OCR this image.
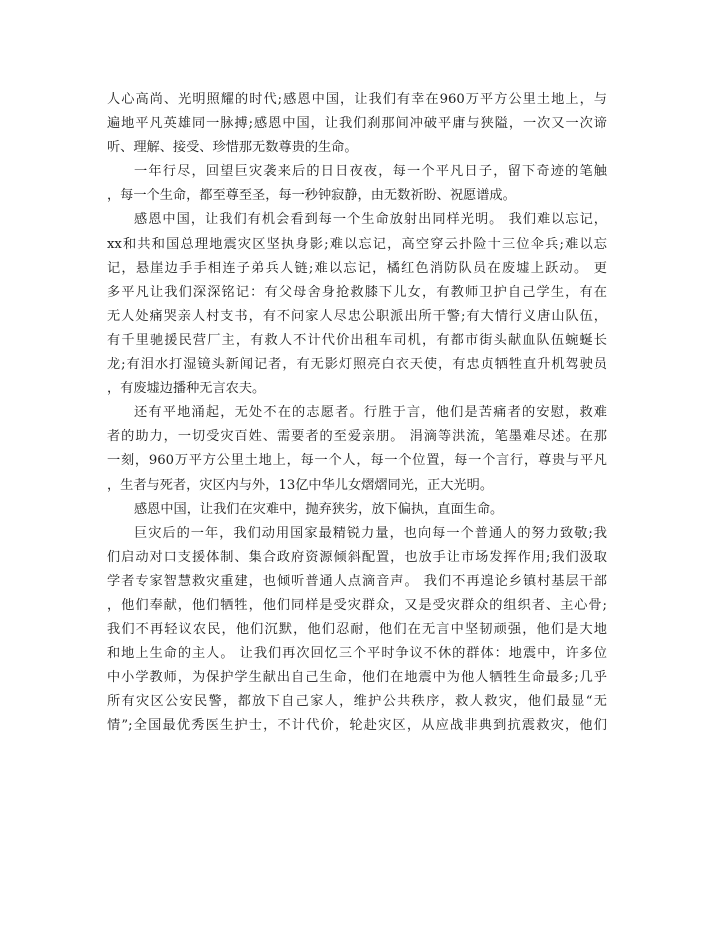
人心高尚、光明照耀的时代;感恩中国，让我们有幸在960万平方公里土地上，与
遍地平凡英雄同一脉搏;感恩中国，让我们刹那间冲破平庸与狭隘，一次又一次谛
听、理解、接受、珍惜那无数尊贵的生命。
一年行尽，回望巨灾袭来后的日日夜夜，每一个平凡日子，留下奇迹的笔触
，每一个生命，都至尊至圣，每一秒钟寂静，由无数祈盼、祝愿谱成。
感恩中国，让我们有机会看到每一个生命放射出同样光明。 我们难以忘记，
xx和共和国总理地震灾区坚执身影;难以忘记，高空穿云扑险十三位伞兵;难以忘
记，悬崖边手手相连子弟兵人链;难以忘记，橘红色消防队员在废墟上跃动。 更
多平凡让我们深深铭记：有父母舍身抢救膝下儿女，有教师卫护自己学生，有在
无人处痛哭亲人村支书，有不问家人尽忠公职派出所干警;有大情行义唐山队伍，
有千里驰援民营厂主，有救人不计代价出租车司机，有都市街头献血队伍蜿蜒长
龙;有泪水打湿镜头新闻记者，有无影灯照亮白衣天使，有忠贞牺牲直升机驾驶员
，有废墟边播种无言农夫。
还有平地涌起，无处不在的志愿者。行胜于言，他们是苦痛者的安慰，救难
者的助力，一切受灾百姓、需要者的至爱亲朋。 涓滴等洪流，笔墨难尽述。在那
一刻，960万平方公里土地上，每一个人，每一个位置，每一个言行，尊贵与平凡
，生者与死者，灾区内与外，13亿中华儿女熠熠同光，正大光明。
感恩中国，让我们在灾难中，抛弃狭劣，放下偏执，直面生命。
巨灾后的一年，我们动用国家最精锐力量，也向每一个普通人的努力致敬;我
们启动对口支援体制、集合政府资源倾斜配置，也放手让市场发挥作用;我们汲取
学者专家智慧救灾重建，也倾听普通人点滴音声。 我们不再遑论乡镇村基层干部
，他们奉献，他们牺牲，他们同样是受灾群众，又是受灾群众的组织者、主心骨;
我们不再轻议农民，他们沉默，他们忍耐，他们在无言中坚韧顽强，他们是大地
和地上生命的主人。 让我们再次回忆三个平时争议不休的群体：地震中，许多位
中小学教师，为保护学生献出自己生命，他们在地震中为他人牺牲生命最多;几乎
所有灾区公安民警，都放下自己家人，维护公共秩序，救人救灾，他们最显“无
情”;全国最优秀医生护士，不计代价，轮赴灾区，从应战非典到抗震救灾，他们
